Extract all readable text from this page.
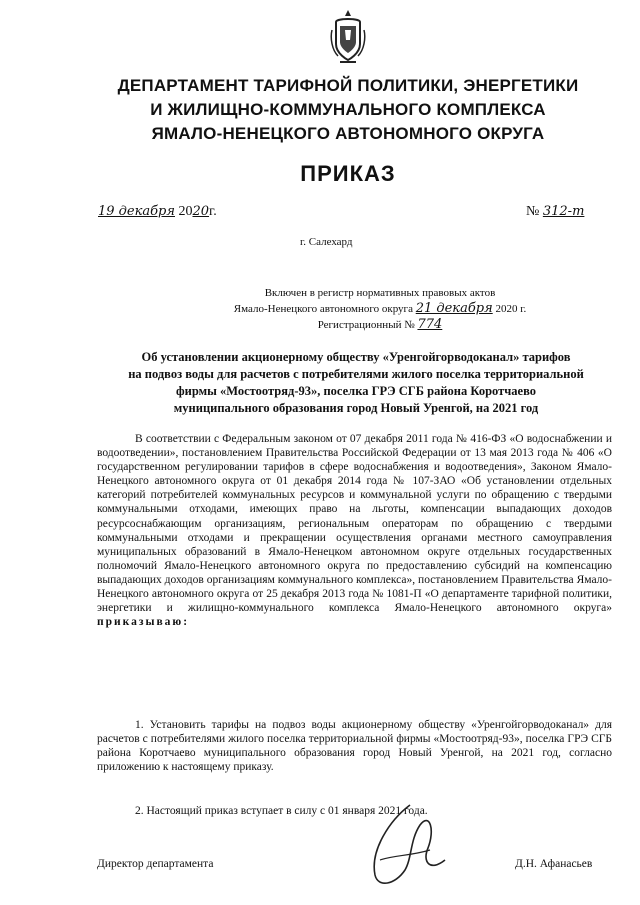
ДЕПАРТАМЕНТ ТАРИФНОЙ ПОЛИТИКИ, ЭНЕРГЕТИКИ
И ЖИЛИЩНО-КОММУНАЛЬНОГО КОМПЛЕКСА
ЯМАЛО-НЕНЕЦКОГО АВТОНОМНОГО ОКРУГА
ПРИКАЗ
19 декабря 2020г.	№ 312-т
г. Салехард
Включен в регистр нормативных правовых актов
Ямало-Ненецкого автономного округа 21 декабря 2020 г.
Регистрационный № 774
Об установлении акционерному обществу «Уренгойгорводоканал» тарифов
на подвоз воды для расчетов с потребителями жилого поселка территориальной
фирмы «Мостоотряд-93», поселка ГРЭ СГБ района Коротчаево
муниципального образования город Новый Уренгой, на 2021 год

В соответствии с Федеральным законом от 07 декабря 2011 года № 416-ФЗ «О водоснабжении и водоотведении», постановлением Правительства Российской Федерации от 13 мая 2013 года № 406 «О государственном регулировании тарифов в сфере водоснабжения и водоотведения», Законом Ямало-Ненецкого автономного округа от 01 декабря 2014 года № 107-ЗАО «Об установлении отдельных категорий потребителей коммунальных ресурсов и коммунальной услуги по обращению с твердыми коммунальными отходами, имеющих право на льготы, компенсации выпадающих доходов ресурсоснабжающим организациям, региональным операторам по обращению с твердыми коммунальными отходами и прекращении осуществления органами местного самоуправления муниципальных образований в Ямало-Ненецком автономном округе отдельных государственных полномочий Ямало-Ненецкого автономного округа по предоставлению субсидий на компенсацию выпадающих доходов организациям коммунального комплекса», постановлением Правительства Ямало-Ненецкого автономного округа от 25 декабря 2013 года № 1081-П «О департаменте тарифной политики, энергетики и жилищно-коммунального комплекса Ямало-Ненецкого автономного округа» приказываю:

1. Установить тарифы на подвоз воды акционерному обществу «Уренгойгорводоканал» для расчетов с потребителями жилого поселка территориальной фирмы «Мостоотряд-93», поселка ГРЭ СГБ района Коротчаево муниципального образования город Новый Уренгой, на 2021 год, согласно приложению к настоящему приказу.

2. Настоящий приказ вступает в силу с 01 января 2021 года.
Директор департамента	Д.Н. Афанасьев
